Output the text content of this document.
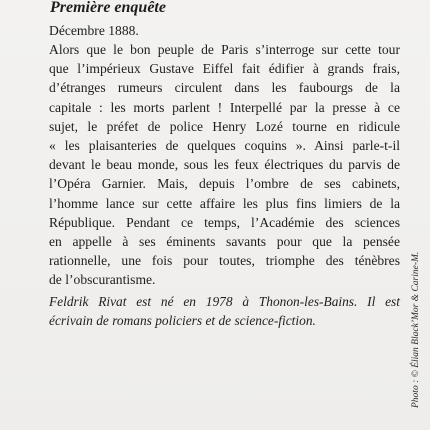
Première enquête
Décembre 1888.
Alors que le bon peuple de Paris s’interroge sur cette tour
que l’impérieux Gustave Eiffel fait édifier à grands frais,
d’étranges rumeurs circulent dans les faubourgs de la
capitale : les morts parlent ! Interpellé par la presse à ce
sujet, le préfet de police Henry Lozé tourne en ridicule
« les plaisanteries de quelques coquins ». Ainsi parle-t-il
devant le beau monde, sous les feux électriques du parvis de
l’Opéra Garnier. Mais, depuis l’ombre de ses cabinets,
l’homme lance sur cette affaire les plus fins limiers de la
République. Pendant ce temps, l’Académie des sciences
en appelle à ses éminents savants pour que la pensée
rationnelle, une fois pour toutes, triomphe des ténèbres
de l’obscurantisme.
Feldrik Rivat est né en 1978 à Thonon-les-Bains. Il est
écrivain de romans policiers et de science-fiction.	Photo : © Élian Black’Mor & Carine-M.
